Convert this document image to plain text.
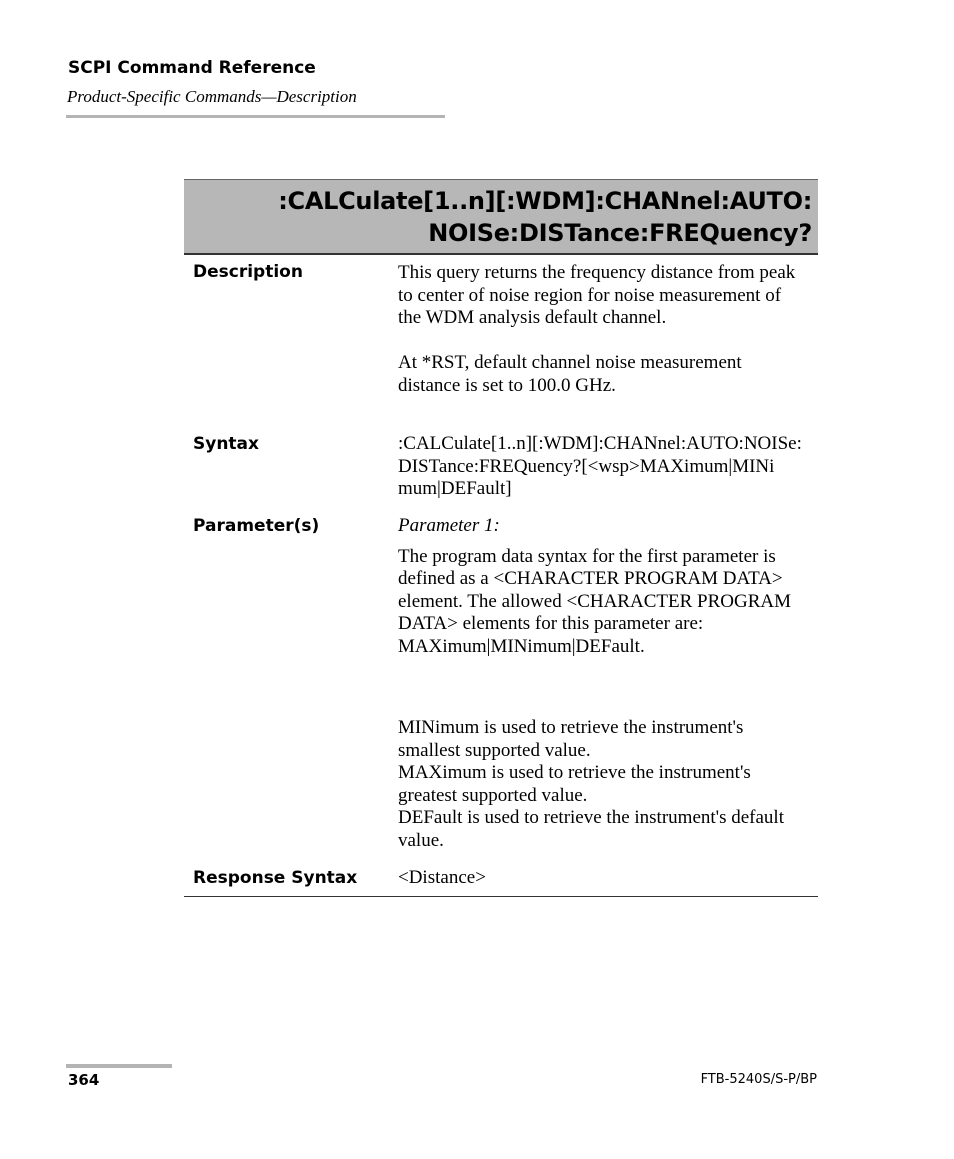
SCPI Command Reference
Product-Specific Commands—Description
:CALCulate[1..n][:WDM]:CHANnel:AUTO:
NOISe:DISTance:FREQuency?
Description	This query returns the frequency distance from peak to center of noise region for noise measurement of the WDM analysis default channel.

At *RST, default channel noise measurement distance is set to 100.0 GHz.

Syntax	:CALCulate[1..n][:WDM]:CHANnel:AUTO:NOISe:

DISTance:FREQuency?[<wsp>MAXimum|MINi

mum|DEFault]

Parameter(s)	Parameter 1:

The program data syntax for the first parameter is defined as a <CHARACTER PROGRAM DATA> element. The allowed <CHARACTER PROGRAM DATA> elements for this parameter are: MAXimum|MINimum|DEFault.

MINimum is used to retrieve the instrument's smallest supported value.

MAXimum is used to retrieve the instrument's greatest supported value.

DEFault is used to retrieve the instrument's default value.

Response Syntax <Distance>
364	FTB-5240S/S-P/BP
